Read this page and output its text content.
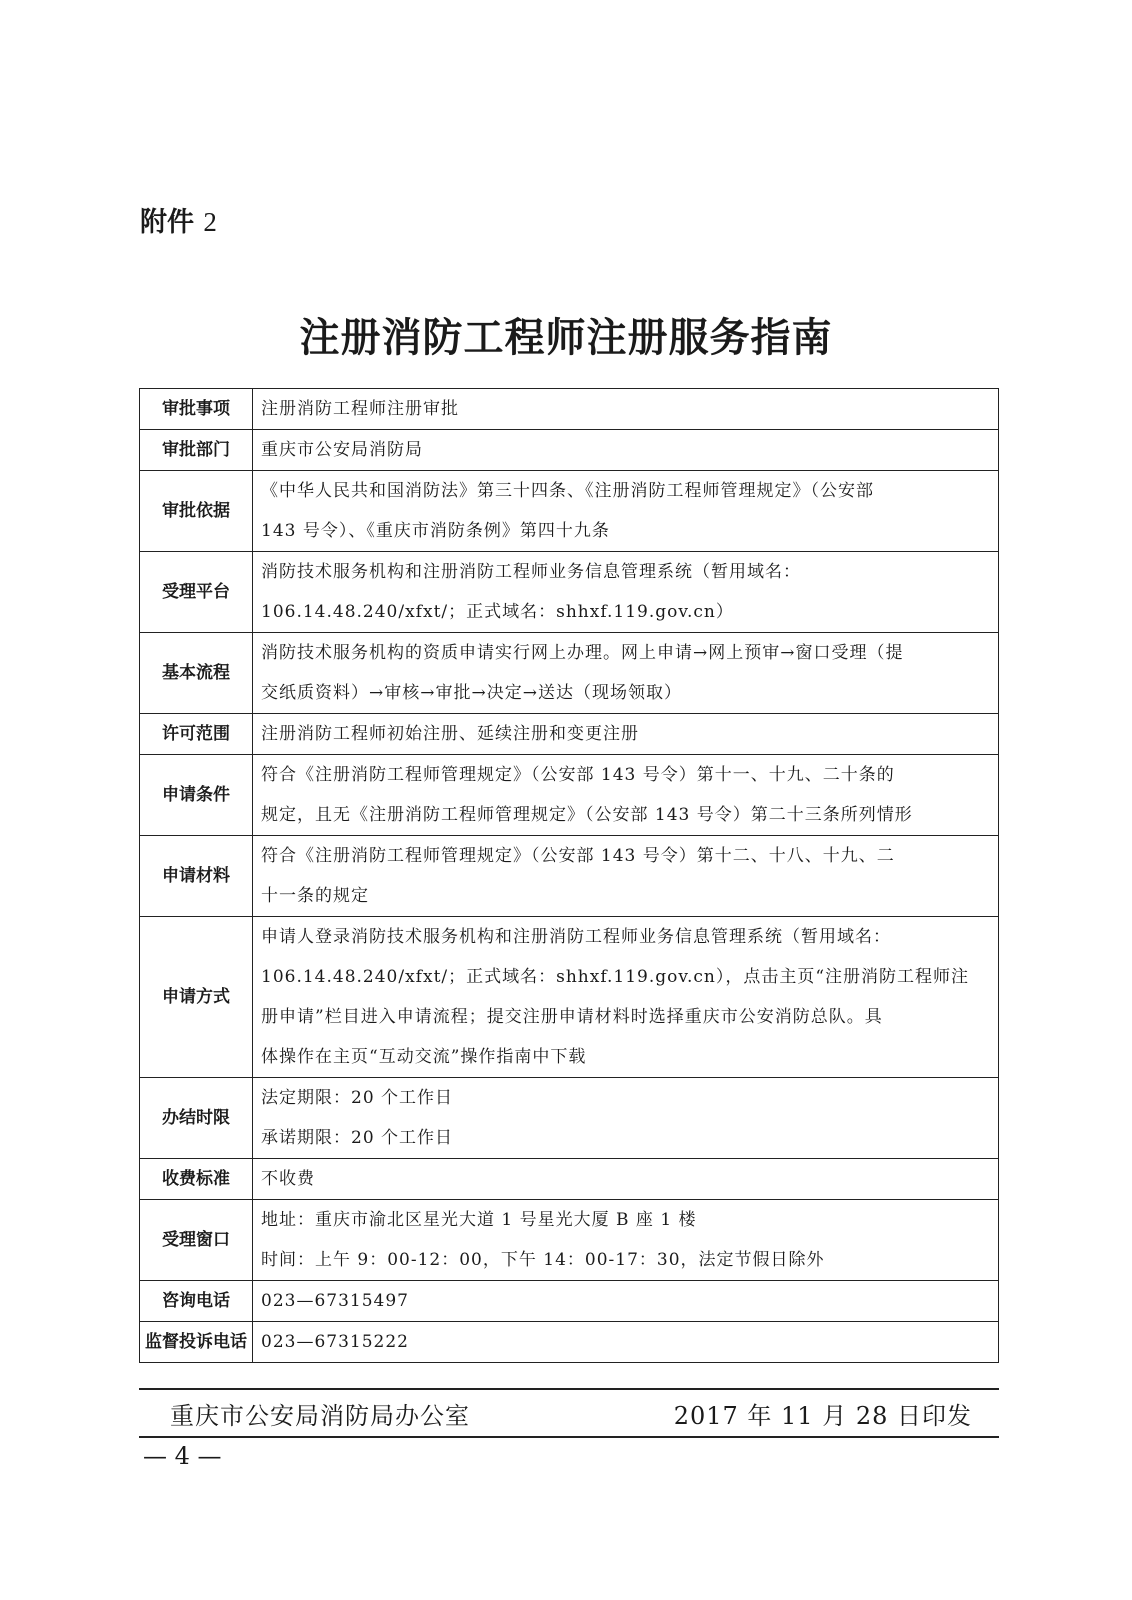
附件 2
注册消防工程师注册服务指南
审批事项	注册消防工程师注册审批

审批部门	重庆市公安局消防局

审批依据	《中华人民共和国消防法》第三十四条、《注册消防工程师管理规定》（公安部
143 号令）、《重庆市消防条例》第四十九条

受理平台	消防技术服务机构和注册消防工程师业务信息管理系统（暂用域名：
106.14.48.240/xfxt/；正式域名：shhxf.119.gov.cn）

基本流程	消防技术服务机构的资质申请实行网上办理。网上申请→网上预审→窗口受理（提
交纸质资料）→审核→审批→决定→送达（现场领取）

许可范围	注册消防工程师初始注册、延续注册和变更注册

申请条件	符合《注册消防工程师管理规定》（公安部 143 号令）第十一、十九、二十条的
规定，且无《注册消防工程师管理规定》（公安部 143 号令）第二十三条所列情形

申请材料	符合《注册消防工程师管理规定》（公安部 143 号令）第十二、十八、十九、二
十一条的规定

申请方式	申请人登录消防技术服务机构和注册消防工程师业务信息管理系统（暂用域名：
106.14.48.240/xfxt/；正式域名：shhxf.119.gov.cn），点击主页“注册消防工程师注
册申请”栏目进入申请流程；提交注册申请材料时选择重庆市公安消防总队。具
体操作在主页“互动交流”操作指南中下载

办结时限	法定期限：20 个工作日
承诺期限：20 个工作日

收费标准	不收费

受理窗口	地址：重庆市渝北区星光大道 1 号星光大厦 B 座 1 楼
时间：上午 9：00-12：00，下午 14：00-17：30，法定节假日除外

咨询电话	023—67315497

监督投诉电话	023—67315222
重庆市公安局消防局办公室	2017 年 11 月 28 日印发
— 4 —
